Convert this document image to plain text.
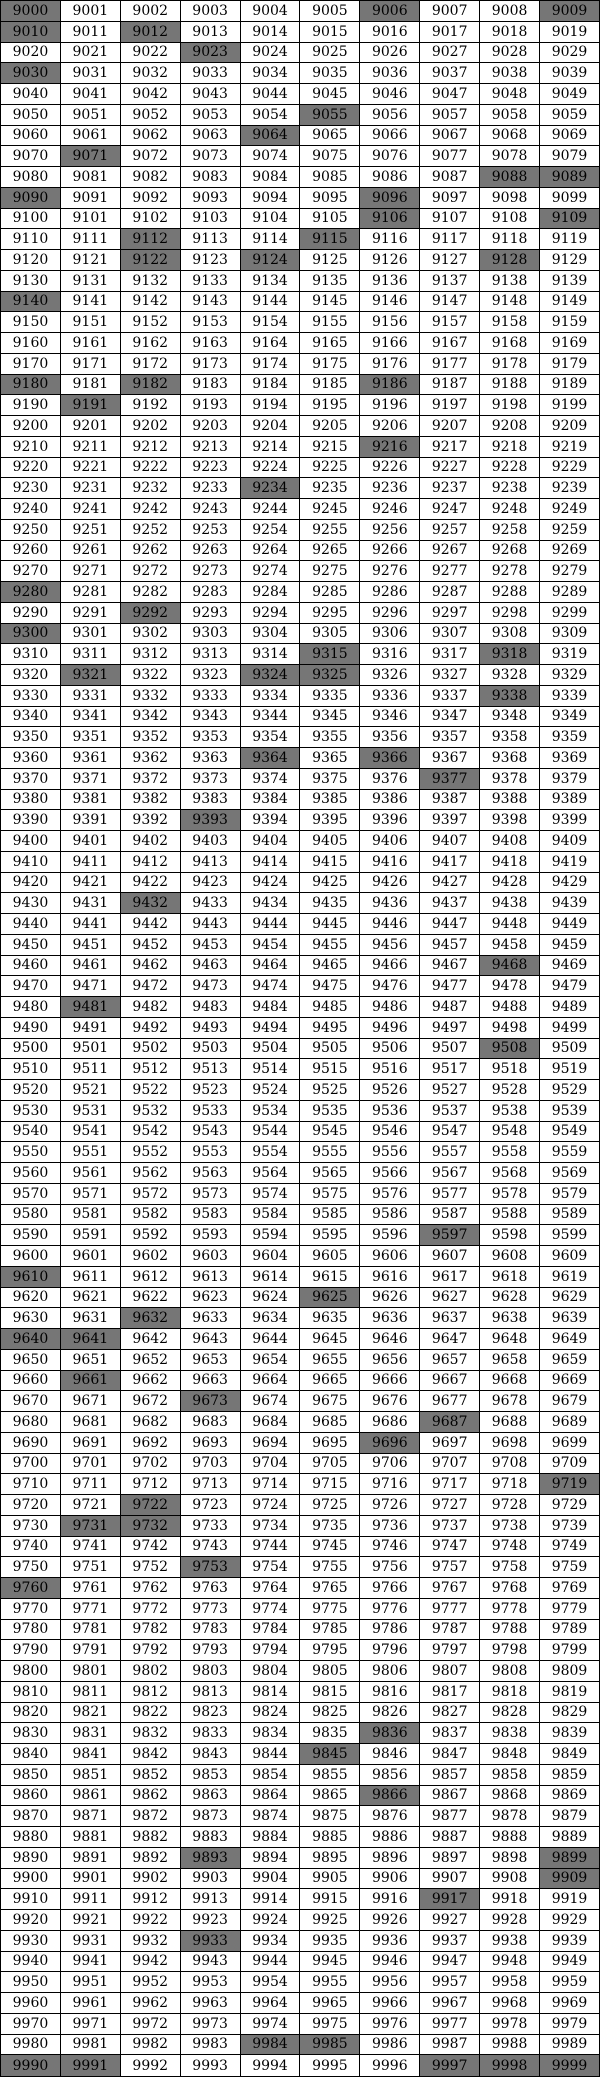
9000	9001	9002	9003	9004	9005	9006	9007	9008	9009
9010	9011	9012	9013	9014	9015	9016	9017	9018	9019
9020	9021	9022	9023	9024	9025	9026	9027	9028	9029
9030	9031	9032	9033	9034	9035	9036	9037	9038	9039
9040	9041	9042	9043	9044	9045	9046	9047	9048	9049
9050	9051	9052	9053	9054	9055	9056	9057	9058	9059
9060	9061	9062	9063	9064	9065	9066	9067	9068	9069
9070	9071	9072	9073	9074	9075	9076	9077	9078	9079
9080	9081	9082	9083	9084	9085	9086	9087	9088	9089
9090	9091	9092	9093	9094	9095	9096	9097	9098	9099
9100	9101	9102	9103	9104	9105	9106	9107	9108	9109
9110	9111	9112	9113	9114	9115	9116	9117	9118	9119
9120	9121	9122	9123	9124	9125	9126	9127	9128	9129
9130	9131	9132	9133	9134	9135	9136	9137	9138	9139
9140	9141	9142	9143	9144	9145	9146	9147	9148	9149
9150	9151	9152	9153	9154	9155	9156	9157	9158	9159
9160	9161	9162	9163	9164	9165	9166	9167	9168	9169
9170	9171	9172	9173	9174	9175	9176	9177	9178	9179
9180	9181	9182	9183	9184	9185	9186	9187	9188	9189
9190	9191	9192	9193	9194	9195	9196	9197	9198	9199
9200	9201	9202	9203	9204	9205	9206	9207	9208	9209
9210	9211	9212	9213	9214	9215	9216	9217	9218	9219
9220	9221	9222	9223	9224	9225	9226	9227	9228	9229
9230	9231	9232	9233	9234	9235	9236	9237	9238	9239
9240	9241	9242	9243	9244	9245	9246	9247	9248	9249
9250	9251	9252	9253	9254	9255	9256	9257	9258	9259
9260	9261	9262	9263	9264	9265	9266	9267	9268	9269
9270	9271	9272	9273	9274	9275	9276	9277	9278	9279
9280	9281	9282	9283	9284	9285	9286	9287	9288	9289
9290	9291	9292	9293	9294	9295	9296	9297	9298	9299
9300	9301	9302	9303	9304	9305	9306	9307	9308	9309
9310	9311	9312	9313	9314	9315	9316	9317	9318	9319
9320	9321	9322	9323	9324	9325	9326	9327	9328	9329
9330	9331	9332	9333	9334	9335	9336	9337	9338	9339
9340	9341	9342	9343	9344	9345	9346	9347	9348	9349
9350	9351	9352	9353	9354	9355	9356	9357	9358	9359
9360	9361	9362	9363	9364	9365	9366	9367	9368	9369
9370	9371	9372	9373	9374	9375	9376	9377	9378	9379
9380	9381	9382	9383	9384	9385	9386	9387	9388	9389
9390	9391	9392	9393	9394	9395	9396	9397	9398	9399
9400	9401	9402	9403	9404	9405	9406	9407	9408	9409
9410	9411	9412	9413	9414	9415	9416	9417	9418	9419
9420	9421	9422	9423	9424	9425	9426	9427	9428	9429
9430	9431	9432	9433	9434	9435	9436	9437	9438	9439
9440	9441	9442	9443	9444	9445	9446	9447	9448	9449
9450	9451	9452	9453	9454	9455	9456	9457	9458	9459
9460	9461	9462	9463	9464	9465	9466	9467	9468	9469
9470	9471	9472	9473	9474	9475	9476	9477	9478	9479
9480	9481	9482	9483	9484	9485	9486	9487	9488	9489
9490	9491	9492	9493	9494	9495	9496	9497	9498	9499
9500	9501	9502	9503	9504	9505	9506	9507	9508	9509
9510	9511	9512	9513	9514	9515	9516	9517	9518	9519
9520	9521	9522	9523	9524	9525	9526	9527	9528	9529
9530	9531	9532	9533	9534	9535	9536	9537	9538	9539
9540	9541	9542	9543	9544	9545	9546	9547	9548	9549
9550	9551	9552	9553	9554	9555	9556	9557	9558	9559
9560	9561	9562	9563	9564	9565	9566	9567	9568	9569
9570	9571	9572	9573	9574	9575	9576	9577	9578	9579
9580	9581	9582	9583	9584	9585	9586	9587	9588	9589
9590	9591	9592	9593	9594	9595	9596	9597	9598	9599
9600	9601	9602	9603	9604	9605	9606	9607	9608	9609
9610	9611	9612	9613	9614	9615	9616	9617	9618	9619
9620	9621	9622	9623	9624	9625	9626	9627	9628	9629
9630	9631	9632	9633	9634	9635	9636	9637	9638	9639
9640	9641	9642	9643	9644	9645	9646	9647	9648	9649
9650	9651	9652	9653	9654	9655	9656	9657	9658	9659
9660	9661	9662	9663	9664	9665	9666	9667	9668	9669
9670	9671	9672	9673	9674	9675	9676	9677	9678	9679
9680	9681	9682	9683	9684	9685	9686	9687	9688	9689
9690	9691	9692	9693	9694	9695	9696	9697	9698	9699
9700	9701	9702	9703	9704	9705	9706	9707	9708	9709
9710	9711	9712	9713	9714	9715	9716	9717	9718	9719
9720	9721	9722	9723	9724	9725	9726	9727	9728	9729
9730	9731	9732	9733	9734	9735	9736	9737	9738	9739
9740	9741	9742	9743	9744	9745	9746	9747	9748	9749
9750	9751	9752	9753	9754	9755	9756	9757	9758	9759
9760	9761	9762	9763	9764	9765	9766	9767	9768	9769
9770	9771	9772	9773	9774	9775	9776	9777	9778	9779
9780	9781	9782	9783	9784	9785	9786	9787	9788	9789
9790	9791	9792	9793	9794	9795	9796	9797	9798	9799
9800	9801	9802	9803	9804	9805	9806	9807	9808	9809
9810	9811	9812	9813	9814	9815	9816	9817	9818	9819
9820	9821	9822	9823	9824	9825	9826	9827	9828	9829
9830	9831	9832	9833	9834	9835	9836	9837	9838	9839
9840	9841	9842	9843	9844	9845	9846	9847	9848	9849
9850	9851	9852	9853	9854	9855	9856	9857	9858	9859
9860	9861	9862	9863	9864	9865	9866	9867	9868	9869
9870	9871	9872	9873	9874	9875	9876	9877	9878	9879
9880	9881	9882	9883	9884	9885	9886	9887	9888	9889
9890	9891	9892	9893	9894	9895	9896	9897	9898	9899
9900	9901	9902	9903	9904	9905	9906	9907	9908	9909
9910	9911	9912	9913	9914	9915	9916	9917	9918	9919
9920	9921	9922	9923	9924	9925	9926	9927	9928	9929
9930	9931	9932	9933	9934	9935	9936	9937	9938	9939
9940	9941	9942	9943	9944	9945	9946	9947	9948	9949
9950	9951	9952	9953	9954	9955	9956	9957	9958	9959
9960	9961	9962	9963	9964	9965	9966	9967	9968	9969
9970	9971	9972	9973	9974	9975	9976	9977	9978	9979
9980	9981	9982	9983	9984	9985	9986	9987	9988	9989
9990	9991	9992	9993	9994	9995	9996	9997	9998	9999
